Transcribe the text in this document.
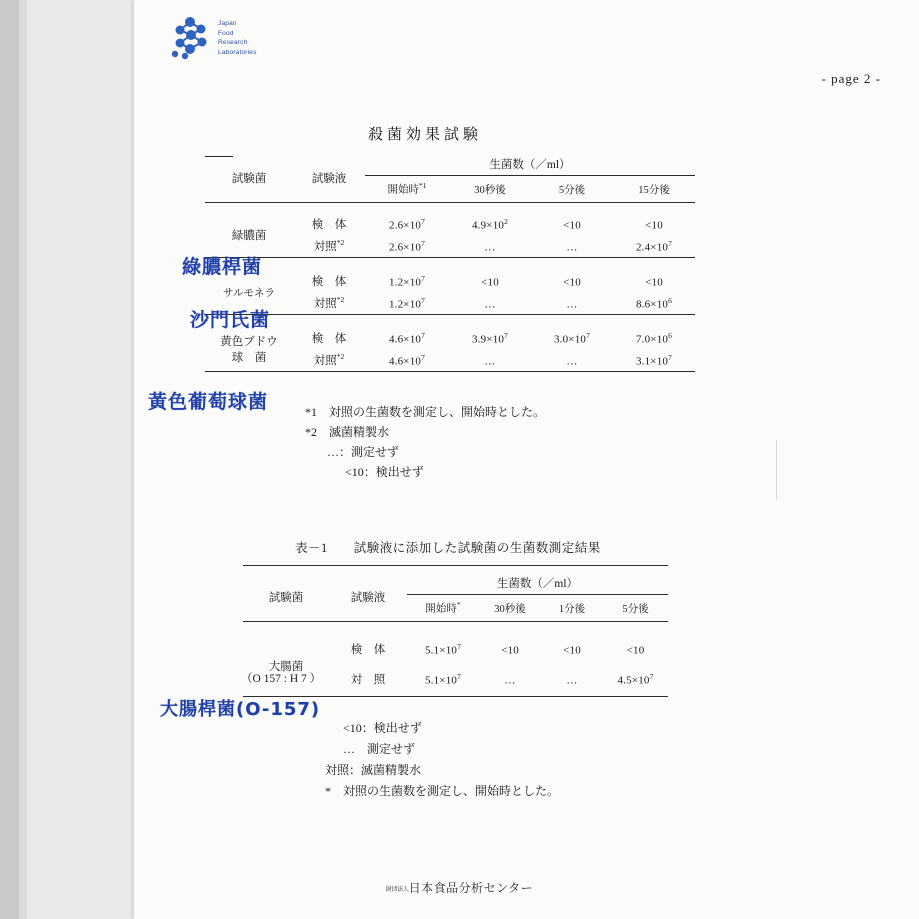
Japan
Food
Research
Laboratories
- page 2 -
殺菌効果試験
試験菌	試験液	生菌数（／ml）			
		開始時$^{*1}$	30秒後	5分後	15分後

緑膿菌	検　体	$2.6\times 10^7$	$4.9\times 10^2$	<10	<10
	対照$^{*2}$	$2.6\times 10^7$	…	…	$2.4\times 10^7$

サルモネラ	検　体	$1.2\times 10^7$	<10	<10	<10
	対照$^{*2}$	$1.2\times 10^7$	…	…	$8.6\times 10^6$

黄色ブドウ
球　菌	検　体	$4.6\times 10^7$	$3.9\times 10^7$	$3.0\times 10^7$	$7.0\times 10^6$
	対照$^{*2}$	$4.6\times 10^7$	…	…	$3.1\times 10^7$

*1　対照の生菌数を測定し、開始時とした。
*2　滅菌精製水
…：測定せず
<10：検出せず
表－1　　試験液に添加した試験菌の生菌数測定結果

試験菌	試験液	生菌数（／ml）			
		開始時*	30秒後	1分後	5分後

大腸菌	検　体	$5.1\times 10^7$	<10	<10	<10
	対　照	$5.1\times 10^7$	…	…	$4.5\times 10^7$

（O 157 : H 7 ）
<10：検出せず
…　測定せず
対照：滅菌精製水
*　対照の生菌数を測定し、開始時とした。
綠膿桿菌
沙門氏菌
黃色葡萄球菌
大腸桿菌(O-157)
財団法人日本食品分析センター
